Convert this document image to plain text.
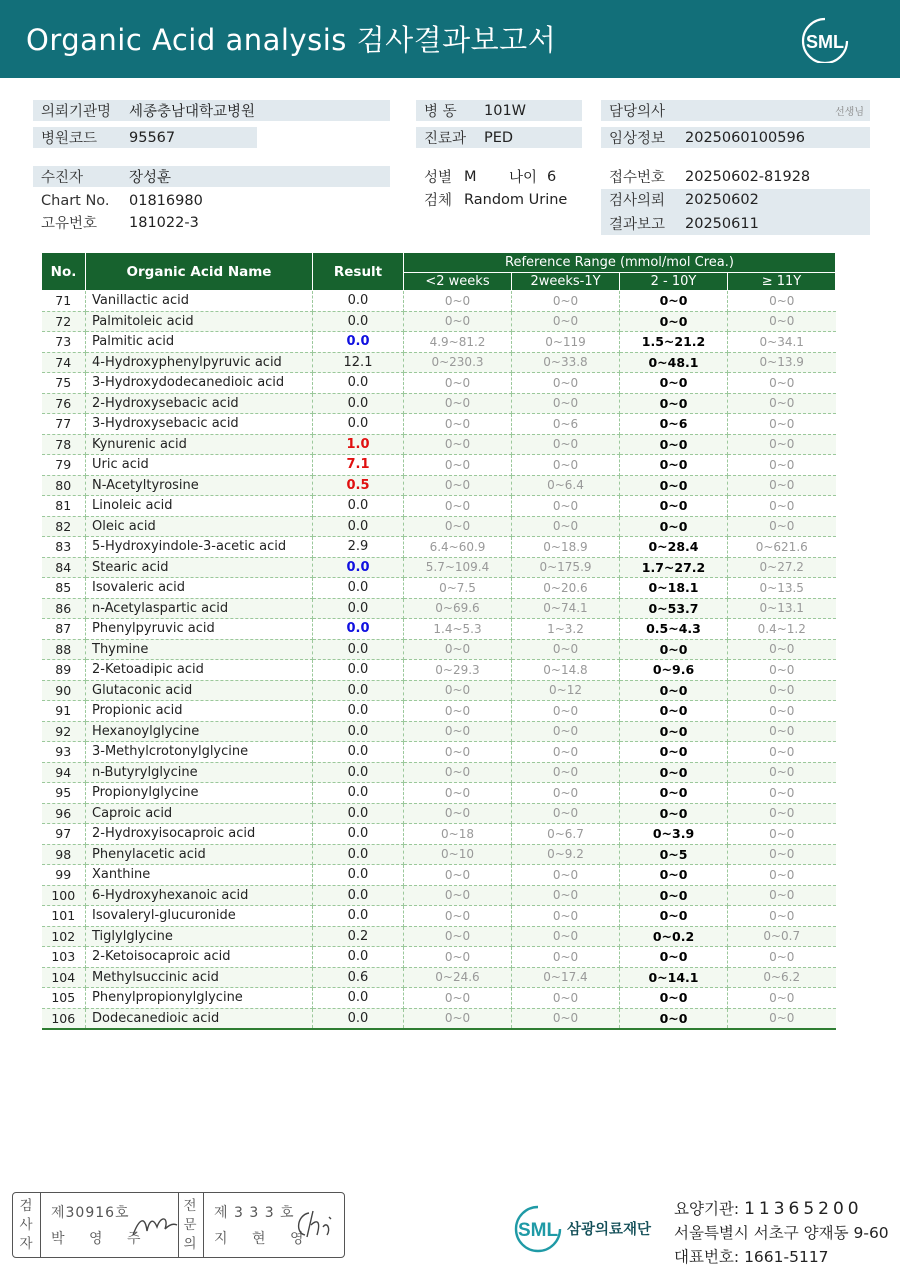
Organic Acid analysis 검사결과보고서	SML
의뢰기관명 세종충남대학교병원
병원코드 95567
수진자	장성훈
Chart No. 01816980
고유번호 181022-3
병 동 101W
진료과 PED
성별 M 나이 6
검체 Random Urine
담당의사	선생님
임상정보 2025060100596
접수번호 20250602-81928
검사의뢰 20250602
결과보고 20250611
No.	Organic Acid Name	Result	Reference Range (mmol/mol Crea.)			
			<2 weeks	2weeks-1Y	2 - 10Y	≥ 11Y
71	Vanillactic acid	0.0	0~0	0~0	0~0	0~0
72	Palmitoleic acid	0.0	0~0	0~0	0~0	0~0
73	Palmitic acid	0.0	4.9~81.2	0~119	1.5~21.2	0~34.1
74	4-Hydroxyphenylpyruvic acid	12.1	0~230.3	0~33.8	0~48.1	0~13.9
75	3-Hydroxydodecanedioic acid	0.0	0~0	0~0	0~0	0~0
76	2-Hydroxysebacic acid	0.0	0~0	0~0	0~0	0~0
77	3-Hydroxysebacic acid	0.0	0~0	0~6	0~6	0~0
78	Kynurenic acid	1.0	0~0	0~0	0~0	0~0
79	Uric acid	7.1	0~0	0~0	0~0	0~0
80	N-Acetyltyrosine	0.5	0~0	0~6.4	0~0	0~0
81	Linoleic acid	0.0	0~0	0~0	0~0	0~0
82	Oleic acid	0.0	0~0	0~0	0~0	0~0
83	5-Hydroxyindole-3-acetic acid	2.9	6.4~60.9	0~18.9	0~28.4	0~621.6
84	Stearic acid	0.0	5.7~109.4	0~175.9	1.7~27.2	0~27.2
85	Isovaleric acid	0.0	0~7.5	0~20.6	0~18.1	0~13.5
86	n-Acetylaspartic acid	0.0	0~69.6	0~74.1	0~53.7	0~13.1
87	Phenylpyruvic acid	0.0	1.4~5.3	1~3.2	0.5~4.3	0.4~1.2
88	Thymine	0.0	0~0	0~0	0~0	0~0
89	2-Ketoadipic acid	0.0	0~29.3	0~14.8	0~9.6	0~0
90	Glutaconic acid	0.0	0~0	0~12	0~0	0~0
91	Propionic acid	0.0	0~0	0~0	0~0	0~0
92	Hexanoylglycine	0.0	0~0	0~0	0~0	0~0
93	3-Methylcrotonylglycine	0.0	0~0	0~0	0~0	0~0
94	n-Butyrylglycine	0.0	0~0	0~0	0~0	0~0
95	Propionylglycine	0.0	0~0	0~0	0~0	0~0
96	Caproic acid	0.0	0~0	0~0	0~0	0~0
97	2-Hydroxyisocaproic acid	0.0	0~18	0~6.7	0~3.9	0~0
98	Phenylacetic acid	0.0	0~10	0~9.2	0~5	0~0
99	Xanthine	0.0	0~0	0~0	0~0	0~0
100	6-Hydroxyhexanoic acid	0.0	0~0	0~0	0~0	0~0
101	Isovaleryl-glucuronide	0.0	0~0	0~0	0~0	0~0
102	Tiglylglycine	0.2	0~0	0~0	0~0.2	0~0.7
103	2-Ketoisocaproic acid	0.0	0~0	0~0	0~0	0~0
104	Methylsuccinic acid	0.6	0~24.6	0~17.4	0~14.1	0~6.2
105	Phenylpropionylglycine	0.0	0~0	0~0	0~0	0~0
106	Dodecanedioic acid	0.0	0~0	0~0	0~0	0~0
검사자
제30916호
박 영 주
전문의
제 3 3 3 호
지 현 영	SML 삼광의료재단
요양기관: 11365200
서울특별시 서초구 양재동 9-60
대표번호: 1661-5117
